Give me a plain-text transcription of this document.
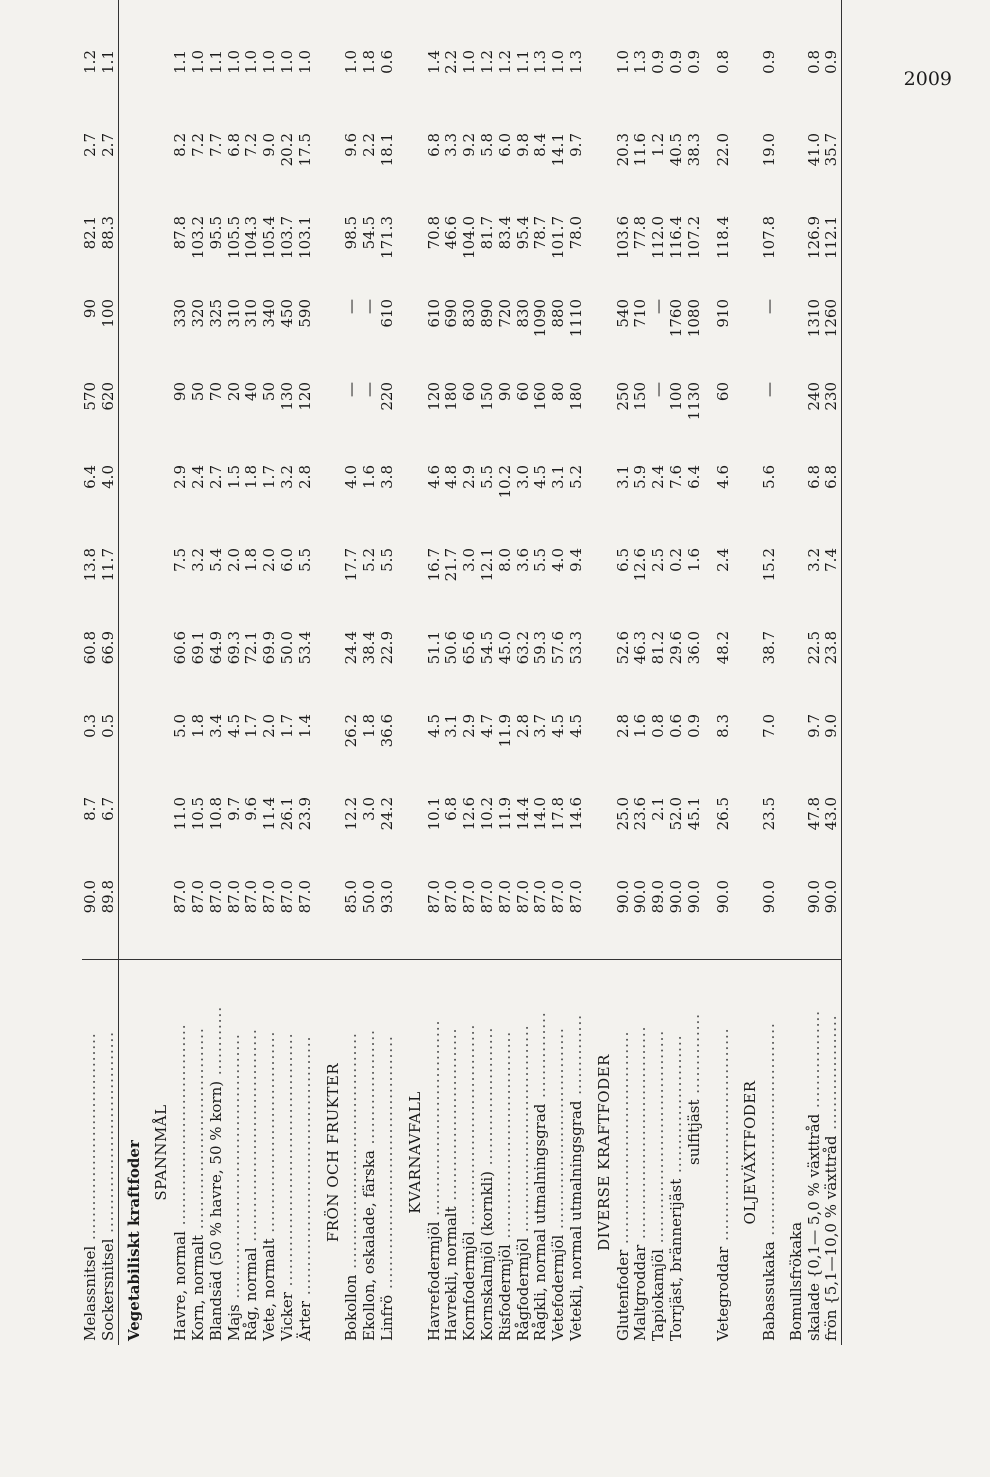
2009
Melassnitsel ....................................	90.0	8.7	0.3	60.8	13.8	6.4	570	90	82.1	2.7	1.2		
Sockersnitsel ...................................	89.8	6.7	0.5	66.9	11.7	4.0	620	100	88.3	2.7	1.1		
Vegetabiliskt kraftfoder													
SPANNMÅL													
Havre, normal ...................................	87.0	11.0	5.0	60.6	7.5	2.9	90	330	87.8	8.2	1.1		
Korn, normalt ...................................	87.0	10.5	1.8	69.1	3.2	2.4	50	320	103.2	7.2	1.0		
Blandsäd (50 % havre, 50 % korn) ............	87.0	10.8	3.4	64.9	5.4	2.7	70	325	95.5	7.7	1.1		
Majs ..............................................	87.0	9.7	4.5	69.3	2.0	1.5	20	310	105.5	6.8	1.0		
Råg, normal .....................................	87.0	9.6	1.7	72.1	1.8	1.8	40	310	104.3	7.2	1.0		
Vete, normalt ...................................	87.0	11.4	2.0	69.9	2.0	1.7	50	340	105.4	9.0	1.0		
Vicker ............................................	87.0	26.1	1.7	50.0	6.0	3.2	130	450	103.7	20.2	1.0		
Ärter .............................................	87.0	23.9	1.4	53.4	5.5	2.8	120	590	103.1	17.5	1.0		
FRÖN OCH FRUKTER													
Bokollon .........................................	85.0	12.2	26.2	24.4	17.7	4.0	—	—	98.5	9.6	1.0		
Ekollon, oskalade, färska ....................	50.0	3.0	1.8	38.4	5.2	1.6	—	—	54.5	2.2	1.8		
Linfrö ............................................	93.0	24.2	36.6	22.9	5.5	3.8	220	610	171.3	18.1	0.6		
KVARNAVFALL													
Havrefodermjöl ..................................	87.0	10.1	4.5	51.1	16.7	4.6	120	610	70.8	6.8	1.4		
Havrekli, normalt ..............................	87.0	6.8	3.1	50.6	21.7	4.8	180	690	46.6	3.3	2.2		
Kornfodermjöl ...................................	87.0	12.6	2.9	65.6	3.0	2.9	60	830	104.0	9.2	1.0		
Kornskalmjöl (kornkli) ........................	87.0	10.2	4.7	54.5	12.1	5.5	150	890	81.7	5.8	1.2		
Risfodermjöl ....................................	87.0	11.9	11.9	45.0	8.0	10.2	90	720	83.4	6.0	1.2		
Rågfodermjöl ....................................	87.0	14.4	2.8	63.2	3.6	3.0	60	830	95.4	9.8	1.1		
Rågkli, normal utmalningsgrad ...............	87.0	14.0	3.7	59.3	5.5	4.5	160	1090	78.7	8.4	1.3		
Vetefodermjöl ...................................	87.0	17.8	4.5	57.6	4.0	3.1	80	880	101.7	14.1	1.0		
Vetekli, normal utmalningsgrad ..............	87.0	14.6	4.5	53.3	9.4	5.2	180	1110	78.0	9.7	1.3		
DIVERSE KRAFTFODER													
Glutenfoder .....................................	90.0	25.0	2.8	52.6	6.5	3.1	250	540	103.6	20.3	1.0		
Maltgroddar .....................................	90.0	23.6	1.6	46.3	12.6	5.9	150	710	77.8	11.6	1.3		
Tapiokamjöl .....................................	89.0	2.1	0.8	81.2	2.5	2.4	—	—	112.0	1.2	0.9		
Torrjäst, brännerijäst ........................	90.0	52.0	0.6	29.6	0.2	7.6	100	1760	116.4	40.5	0.9		
sulfitjäst ..............	90.0	45.1	0.9	36.0	1.6	6.4	1130	1080	107.2	38.3	0.9		
Vetegroddar .....................................	90.0	26.5	8.3	48.2	2.4	4.6	60	910	118.4	22.0	0.8		
OLJEVÄXTFODER													
Babassukaka .....................................	90.0	23.5	7.0	38.7	15.2	5.6	—	—	107.8	19.0	0.9		
Bomullsfrökaka													
skalade {0,1— 5,0 % växttråd .................	90.0	47.8	9.7	22.5	3.2	6.8	240	1310	126.9	41.0	0.8		
frön {5,1—10,0 % växttråd ....................	90.0	43.0	9.0	23.8	7.4	6.8	230	1260	112.1	35.7	0.9		
